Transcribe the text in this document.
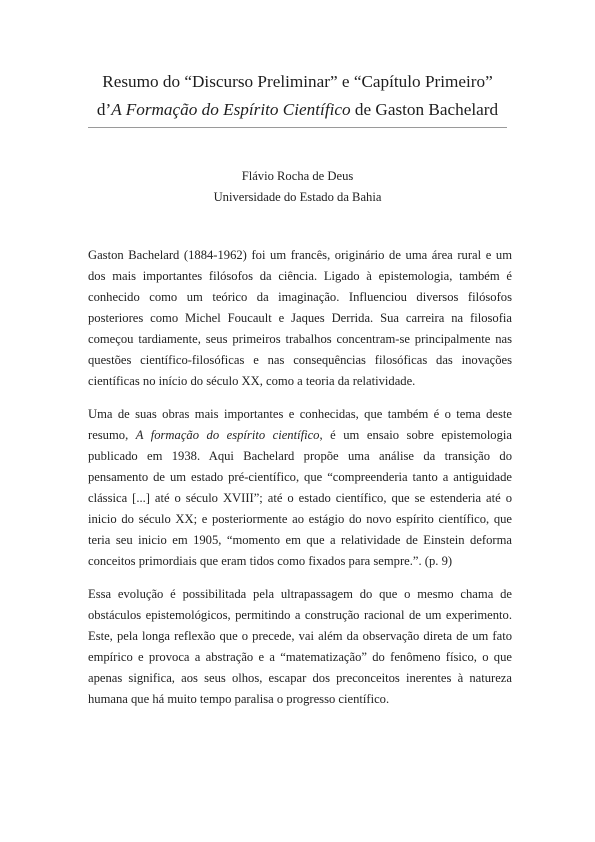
Resumo do “Discurso Preliminar” e “Capítulo Primeiro”
d’A Formação do Espírito Científico de Gaston Bachelard
Flávio Rocha de Deus
Universidade do Estado da Bahia

Gaston Bachelard (1884-1962) foi um francês, originário de uma área rural e um dos mais importantes filósofos da ciência. Ligado à epistemologia, também é conhecido como um teórico da imaginação. Influenciou diversos filósofos posteriores como Michel Foucault e Jaques Derrida. Sua carreira na filosofia começou tardiamente, seus primeiros trabalhos concentram-se principalmente nas questões científico-filosóficas e nas consequências filosóficas das inovações científicas no início do século XX, como a teoria da relatividade.

Uma de suas obras mais importantes e conhecidas, que também é o tema deste resumo, A formação do espírito científico, é um ensaio sobre epistemologia publicado em 1938. Aqui Bachelard propõe uma análise da transição do pensamento de um estado pré-científico, que “compreenderia tanto a antiguidade clássica [...] até o século XVIII”; até o estado científico, que se estenderia até o inicio do século XX; e posteriormente ao estágio do novo espírito científico, que teria seu inicio em 1905, “momento em que a relatividade de Einstein deforma conceitos primordiais que eram tidos como fixados para sempre.”. (p. 9)

Essa evolução é possibilitada pela ultrapassagem do que o mesmo chama de obstáculos epistemológicos, permitindo a construção racional de um experimento. Este, pela longa reflexão que o precede, vai além da observação direta de um fato empírico e provoca a abstração e a “matematização” do fenômeno físico, o que apenas significa, aos seus olhos, escapar dos preconceitos inerentes à natureza humana que há muito tempo paralisa o progresso científico.
